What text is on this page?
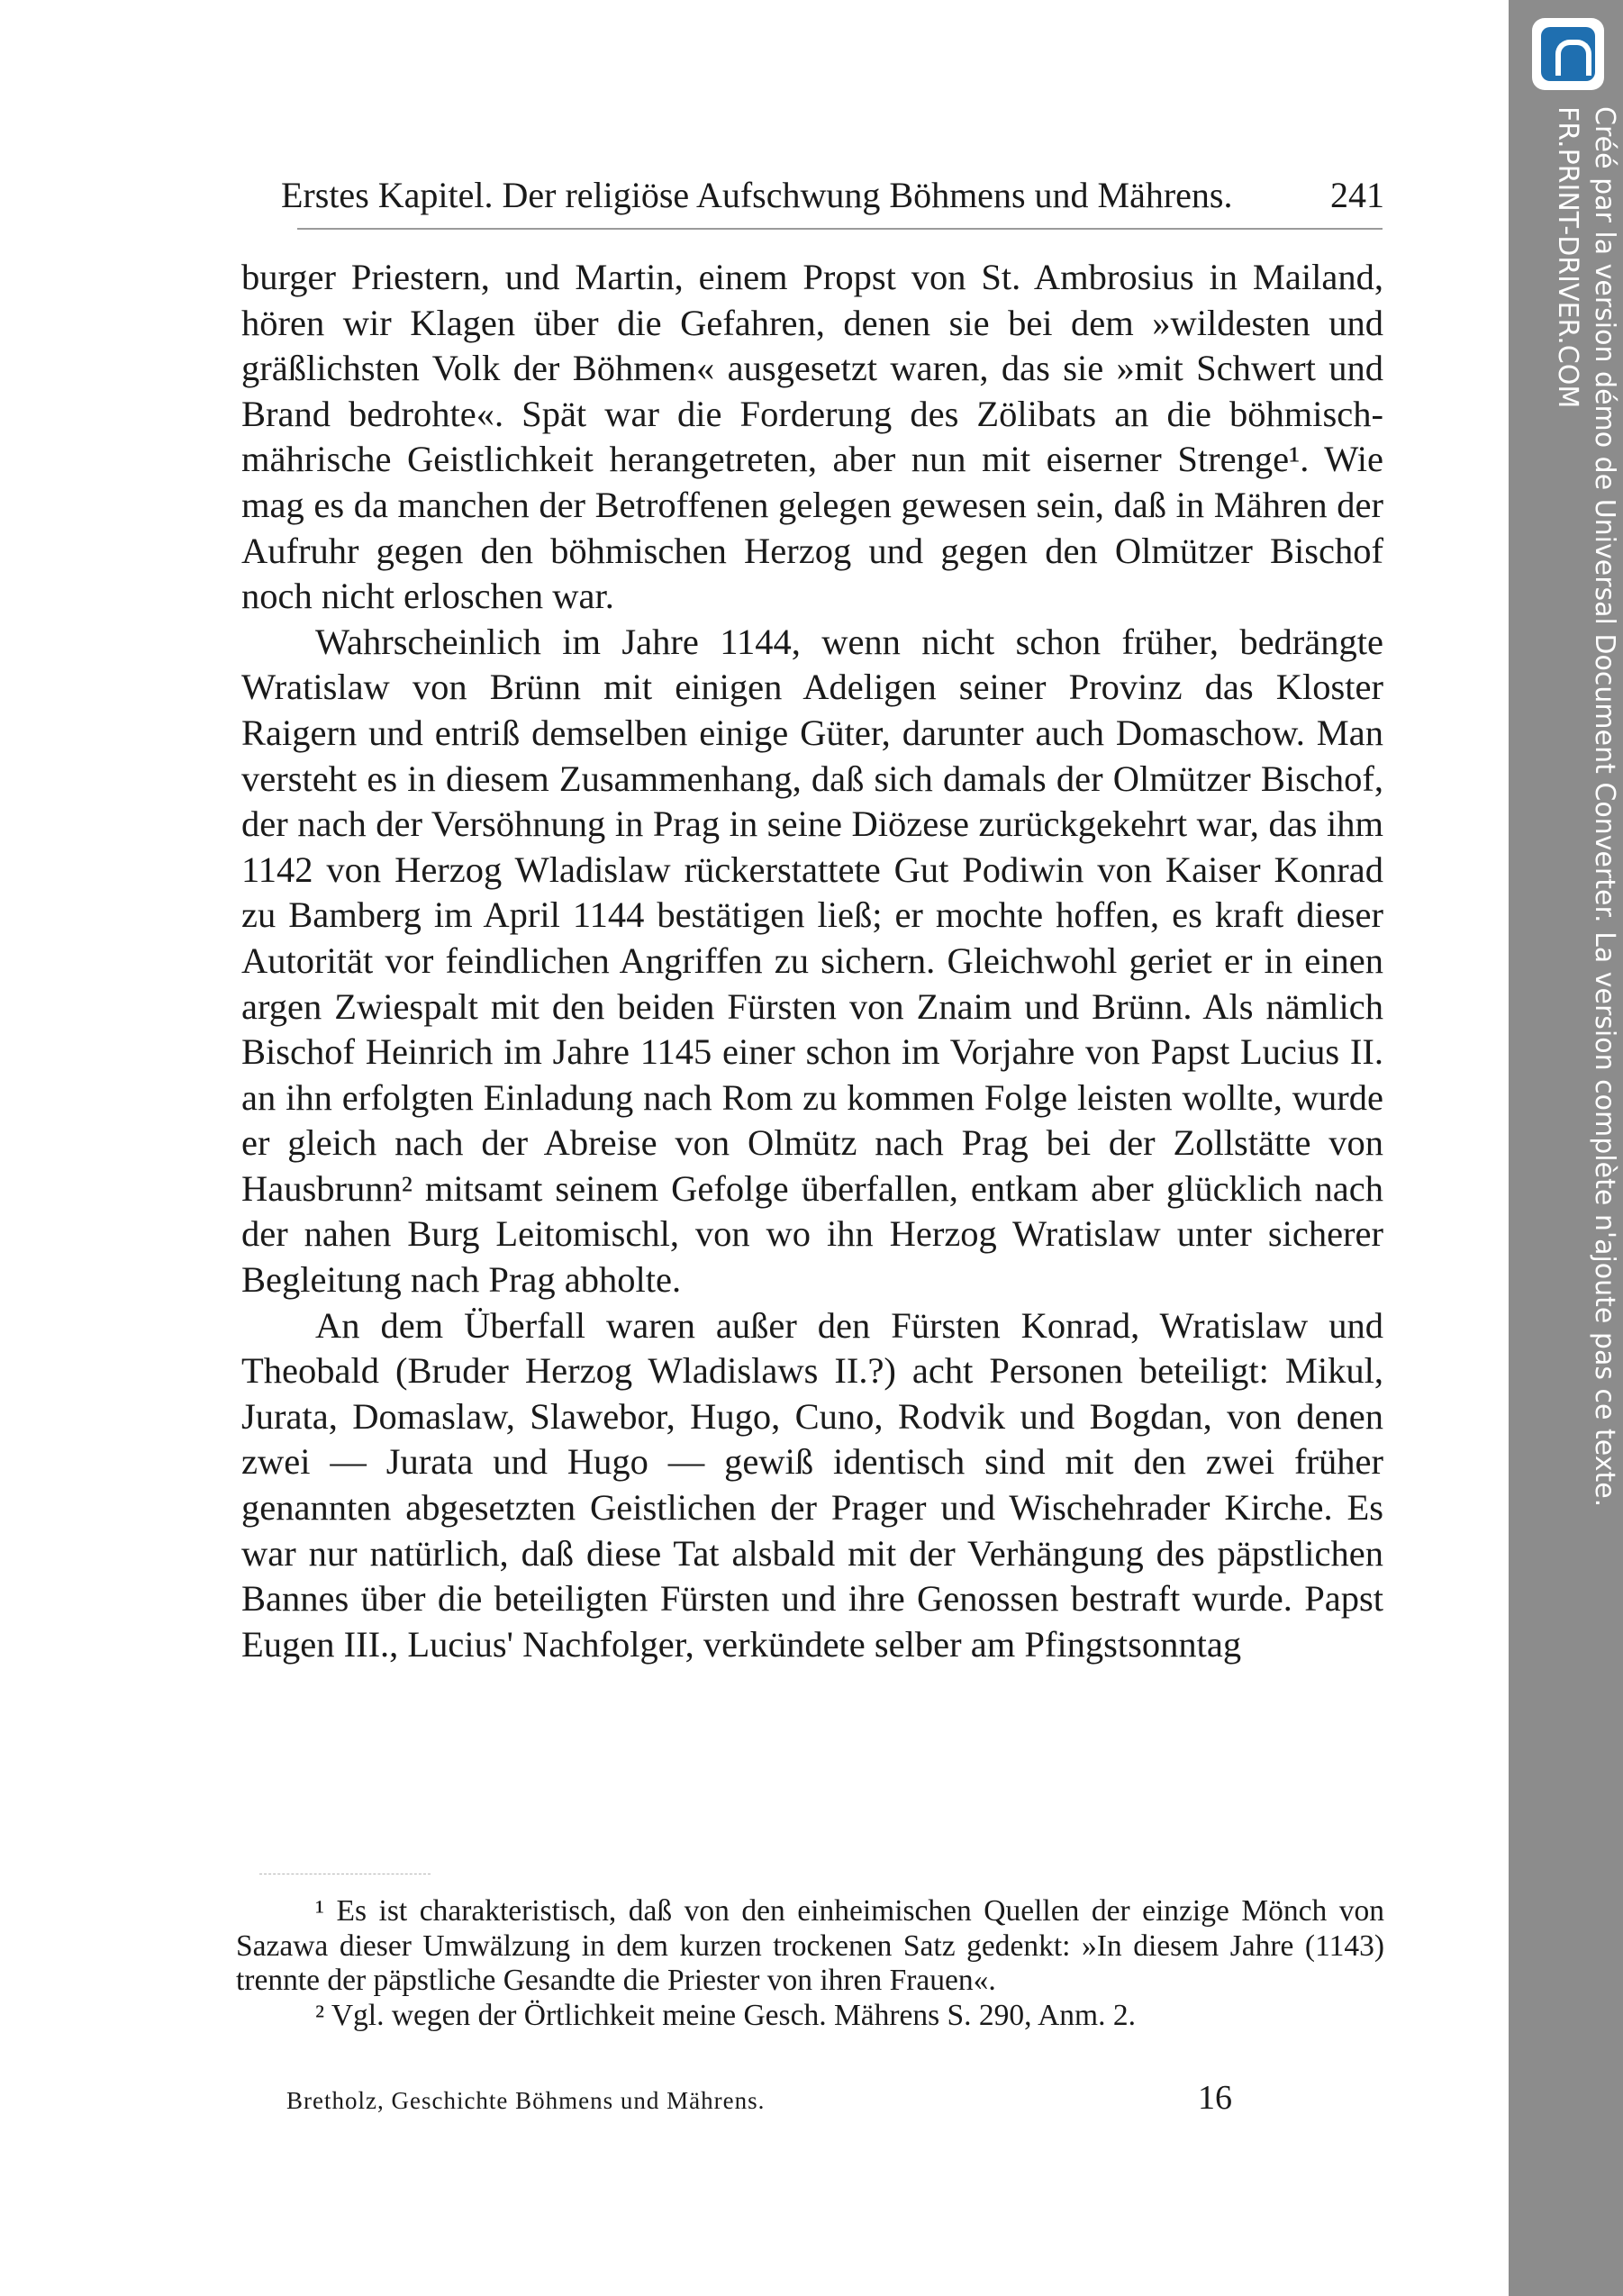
Erstes Kapitel. Der religiöse Aufschwung Böhmens und Mährens.	241

burger Priestern, und Martin, einem Propst von St. Ambrosius in Mailand, hören wir Klagen über die Gefahren, denen sie bei dem »wildesten und gräßlichsten Volk der Böhmen« ausgesetzt waren, das sie »mit Schwert und Brand bedrohte«. Spät war die Forderung des Zölibats an die böhmisch-mährische Geistlichkeit herangetreten, aber nun mit eiserner Strenge¹. Wie mag es da manchen der Betroffenen gelegen gewesen sein, daß in Mähren der Aufruhr gegen den böhmischen Herzog und gegen den Olmützer Bischof noch nicht erloschen war.

Wahrscheinlich im Jahre 1144, wenn nicht schon früher, bedrängte Wratislaw von Brünn mit einigen Adeligen seiner Provinz das Kloster Raigern und entriß demselben einige Güter, darunter auch Domaschow. Man versteht es in diesem Zusammenhang, daß sich damals der Olmützer Bischof, der nach der Versöhnung in Prag in seine Diözese zurückgekehrt war, das ihm 1142 von Herzog Wladislaw rückerstattete Gut Podiwin von Kaiser Konrad zu Bamberg im April 1144 bestätigen ließ; er mochte hoffen, es kraft dieser Autorität vor feindlichen Angriffen zu sichern. Gleichwohl geriet er in einen argen Zwiespalt mit den beiden Fürsten von Znaim und Brünn. Als nämlich Bischof Heinrich im Jahre 1145 einer schon im Vorjahre von Papst Lucius II. an ihn erfolgten Einladung nach Rom zu kommen Folge leisten wollte, wurde er gleich nach der Abreise von Olmütz nach Prag bei der Zollstätte von Hausbrunn² mitsamt seinem Gefolge überfallen, entkam aber glücklich nach der nahen Burg Leitomischl, von wo ihn Herzog Wratislaw unter sicherer Begleitung nach Prag abholte.

An dem Überfall waren außer den Fürsten Konrad, Wratislaw und Theobald (Bruder Herzog Wladislaws II.?) acht Personen beteiligt: Mikul, Jurata, Domaslaw, Slawebor, Hugo, Cuno, Rodvik und Bogdan, von denen zwei — Jurata und Hugo — gewiß identisch sind mit den zwei früher genannten abgesetzten Geistlichen der Prager und Wischehrader Kirche. Es war nur natürlich, daß diese Tat alsbald mit der Verhängung des päpstlichen Bannes über die beteiligten Fürsten und ihre Genossen bestraft wurde. Papst Eugen III., Lucius' Nachfolger, verkündete selber am Pfingstsonntag

¹ Es ist charakteristisch, daß von den einheimischen Quellen der einzige Mönch von Sazawa dieser Umwälzung in dem kurzen trockenen Satz gedenkt: »In diesem Jahre (1143) trennte der päpstliche Gesandte die Priester von ihren Frauen«.

² Vgl. wegen der Örtlichkeit meine Gesch. Mährens S. 290, Anm. 2.

Bretholz, Geschichte Böhmens und Mährens.	16
Créé par la version démo de Universal Document Converter. La version complète n'ajoute pas ce texte.
FR.PRINT-DRIVER.COM
